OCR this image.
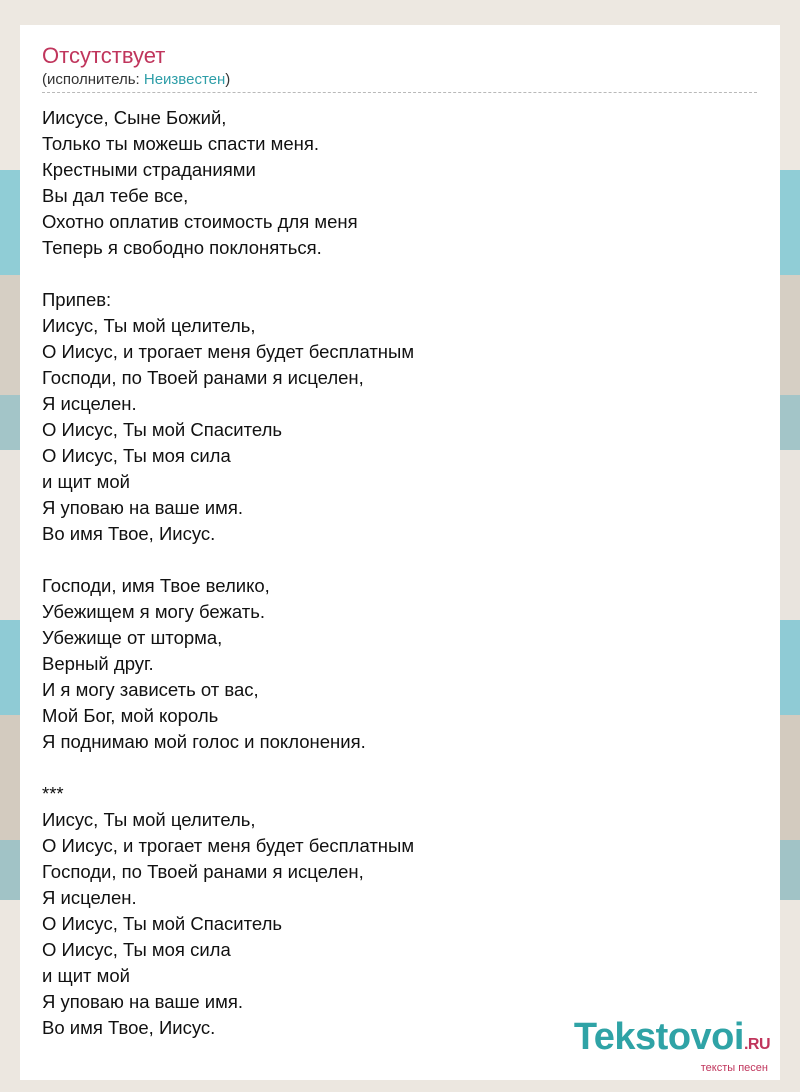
Отсутствует
(исполнитель: Неизвестен)
Иисусе, Сыне Божий,
Только ты можешь спасти меня.
Крестными страданиями
Вы дал тебе все,
Охотно оплатив стоимость для меня
Теперь я свободно поклоняться.
Припев:
Иисус, Ты мой целитель,
О Иисус, и трогает меня будет бесплатным
Господи, по Твоей ранами я исцелен,
Я исцелен.
О Иисус, Ты мой Спаситель
О Иисус, Ты моя сила
и щит мой
Я уповаю на ваше имя.
Во имя Твое, Иисус.
Господи, имя Твое велико,
Убежищем я могу бежать.
Убежище от шторма,
Верный друг.
И я могу зависеть от вас,
Мой Бог, мой король
Я поднимаю мой голос и поклонения.
***
Иисус, Ты мой целитель,
О Иисус, и трогает меня будет бесплатным
Господи, по Твоей ранами я исцелен,
Я исцелен.
О Иисус, Ты мой Спаситель
О Иисус, Ты моя сила
и щит мой
Я уповаю на ваше имя.
Во имя Твое, Иисус.	Tekstovoi.RU
тексты песен
